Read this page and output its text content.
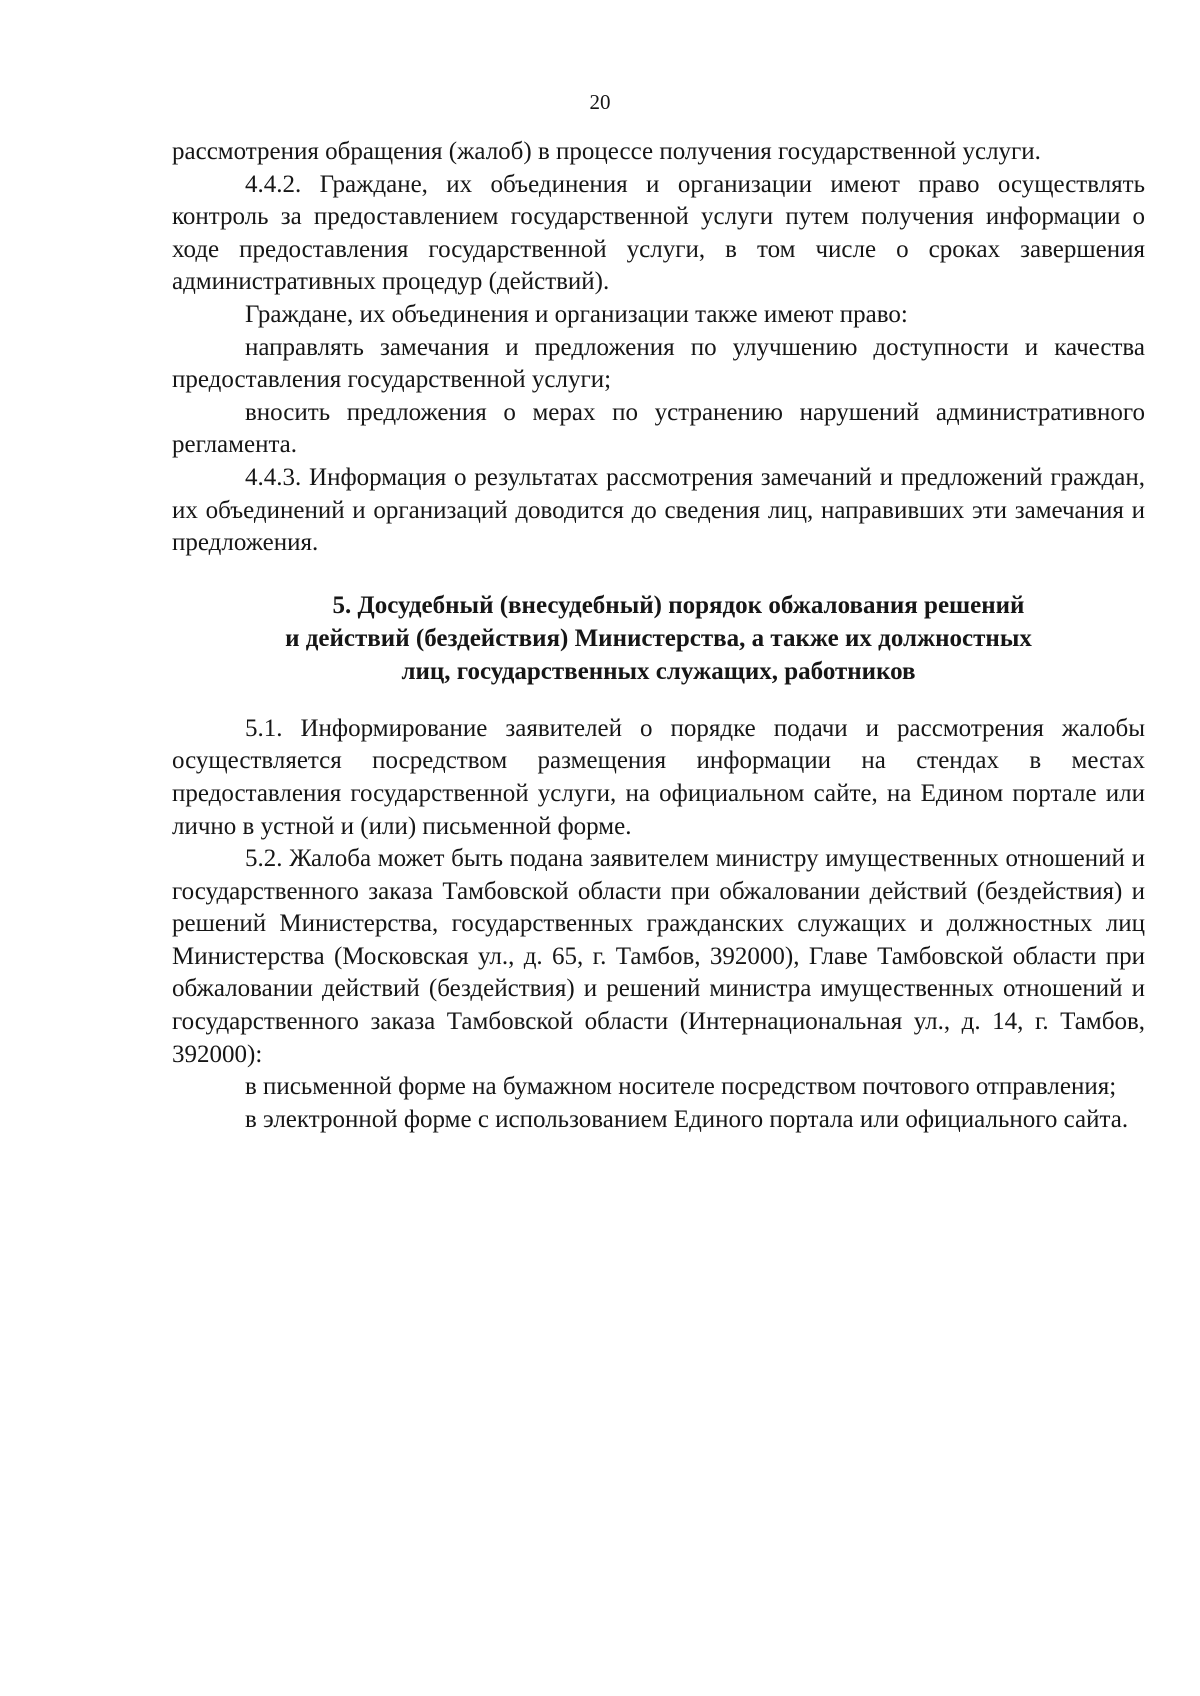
20

рассмотрения обращения (жалоб) в процессе получения государственной услуги.

4.4.2. Граждане, их объединения и организации имеют право осуществлять контроль за предоставлением государственной услуги путем получения информации о ходе предоставления государственной услуги, в том числе о сроках завершения административных процедур (действий).

Граждане, их объединения и организации также имеют право:

направлять замечания и предложения по улучшению доступности и качества предоставления государственной услуги;

вносить предложения о мерах по устранению нарушений административного регламента.

4.4.3. Информация о результатах рассмотрения замечаний и предложений граждан, их объединений и организаций доводится до сведения лиц, направивших эти замечания и предложения.

5. Досудебный (внесудебный) порядок обжалования решений
и действий (бездействия) Министерства, а также их должностных
лиц, государственных служащих, работников

5.1. Информирование заявителей о порядке подачи и рассмотрения жалобы осуществляется посредством размещения информации на стендах в местах предоставления государственной услуги, на официальном сайте, на Едином портале или лично в устной и (или) письменной форме.

5.2. Жалоба может быть подана заявителем министру имущественных отношений и государственного заказа Тамбовской области при обжаловании действий (бездействия) и решений Министерства, государственных гражданских служащих и должностных лиц Министерства (Московская ул., д. 65, г. Тамбов, 392000), Главе Тамбовской области при обжаловании действий (бездействия) и решений министра имущественных отношений и государственного заказа Тамбовской области (Интернациональная ул., д. 14, г. Тамбов, 392000):

в письменной форме на бумажном носителе посредством почтового отправления;

в электронной форме с использованием Единого портала или официального сайта.
